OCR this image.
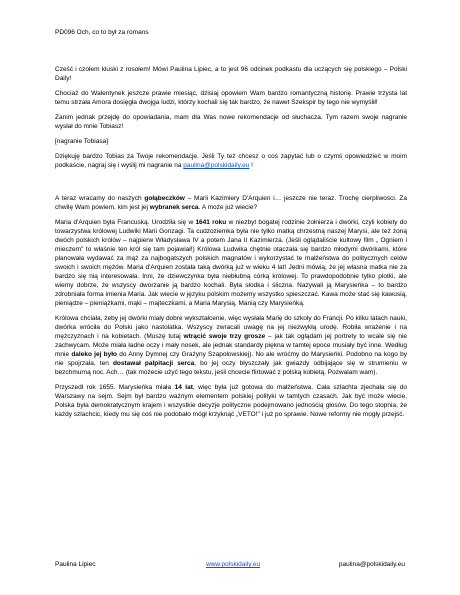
PD096 Och, co to był za romans

Cześć i czołem kluski z rosołem! Mówi Paulina Lipiec, a to jest 96 odcinek podkastu dla uczących się polskiego – Polski Daily!

Chociaż do Walentynek jeszcze prawie miesiąc, dzisiaj opowiem Wam bardzo romantyczną historię. Prawie trzysta lat temu strzała Amora dosięgła dwojga ludzi, którzy kochali się tak bardzo, że nawet Szekspir by tego nie wymyślił!

Zanim jednak przejdę do opowiadania, mam dla Was nowe rekomendacje od słuchacza. Tym razem swoje nagranie wysłał do mnie Tobiasz!

[nagranie Tobiasa]

Dziękuję bardzo Tobias za Twoje rekomendacje. Jeśli Ty też chcesz o coś zapytać lub o czymś opowiedzieć w moim podkaście, nagraj się i wyślij mi nagranie na paulina@polskidaily.eu !

A teraz wracamy do naszych gołąbeczków – Marii Kazimiery D'Arquien i… jeszcze nie teraz. Trochę cierpliwości. Za chwilę Wam powiem, kim jest jej wybranek serca. A może już wiecie?

Maria d'Arquien była Francuską. Urodziła się w 1641 roku w niezbyt bogatej rodzinie żołnierza i dwórki, czyli kobiety do towarzystwa królowej Ludwiki Marii Gonzagi. Ta cudzoziemka była nie tylko matką chrzestną naszej Marysi, ale też żoną dwóch polskich królów – najpierw Władysława IV a potem Jana II Kazimierza. (Jeśli oglądaliście kultowy film „ Ogniem i mieczem" to właśnie ten król się tam pojawiał!) Królowa Ludwika chętnie otaczała się bardzo młodymi dwórkami, które planowała wydawać za mąż za najbogatszych polskich magnatów i wykorzystać te małżeństwa do politycznych celów swoich i swoich mężów. Maria d'Arquien została taką dwórką już w wieku 4 lat! Jedni mówią, że jej własna matka nie za bardzo się nią interesowała. Inni, że dziewczynka była niebłubną córką królowej. To prawdopodobnie tylko plotki, ale wiemy dobrze, że wszyscy dworzanie ją bardzo kochali. Była słodka i śliczna. Nazywali ją Marysieńka – to bardzo zdrobniała forma imienia Maria. Jak wiecie w języku polskim możemy wszystko spieszczać. Kawa może stać się kawusią, pieniądze – pieniążkami, mąki – majteczkami, a Maria Marysią, Manią czy Marysieńką.

Królowa chciała, żeby jej dwórki miały dobre wykształcenie, więc wysłała Marię do szkoły do Francji. Po kilku latach nauki, dwórka wróciła do Polski jako nastolatka. Wszyscy zwracali uwagę na jej niezwykłą urodę. Robiła wrażenie i na mężczyznach i na kobietach. (Muszę tutaj wtrącić swoje trzy grosze – jak tak oglądam jej portrety to wcale się nie zachwycam. Może miała ładne oczy i mały nosek, ale jednak standardy piękna w tamtej epoce musiały być inne. Według mnie daleko jej było do Anny Dymnej czy Grażyny Szapołowskiej). No ale wróćmy do Marysieńki. Podobno na kogo by nie spojrzała, ten dostawał palpitacji serca, bo jej oczy błyszczały jak gwiazdy odbijające się w strumieniu w bezchmurną noc. Ach… (tak możecie użyć tego tekstu, jeśli chcecie flirtować z polską kobietą. Pozwalam wam).

Przyszedł rok 1655. Marysieńka miała 14 lat, więc była już gotowa do małżeństwa. Cała szlachta zjechała się do Warszawy na sejm. Sejm był bardzo ważnym elementem polskiej polityki w tamtych czasach. Jak być może wiecie, Polska była demokratycznym krajem i wszystkie decyzje polityczne podejmowano jednością głosów. Do tego stopnia, że każdy szlachcic, kiedy mu się coś nie podobało mógł krzyknąć „VETO!" i już po sprawie. Nowe reformy nie mogły przejść.

Paulina Lipiec	www.polskidaily.eu	paulina@polskidaily.eu
